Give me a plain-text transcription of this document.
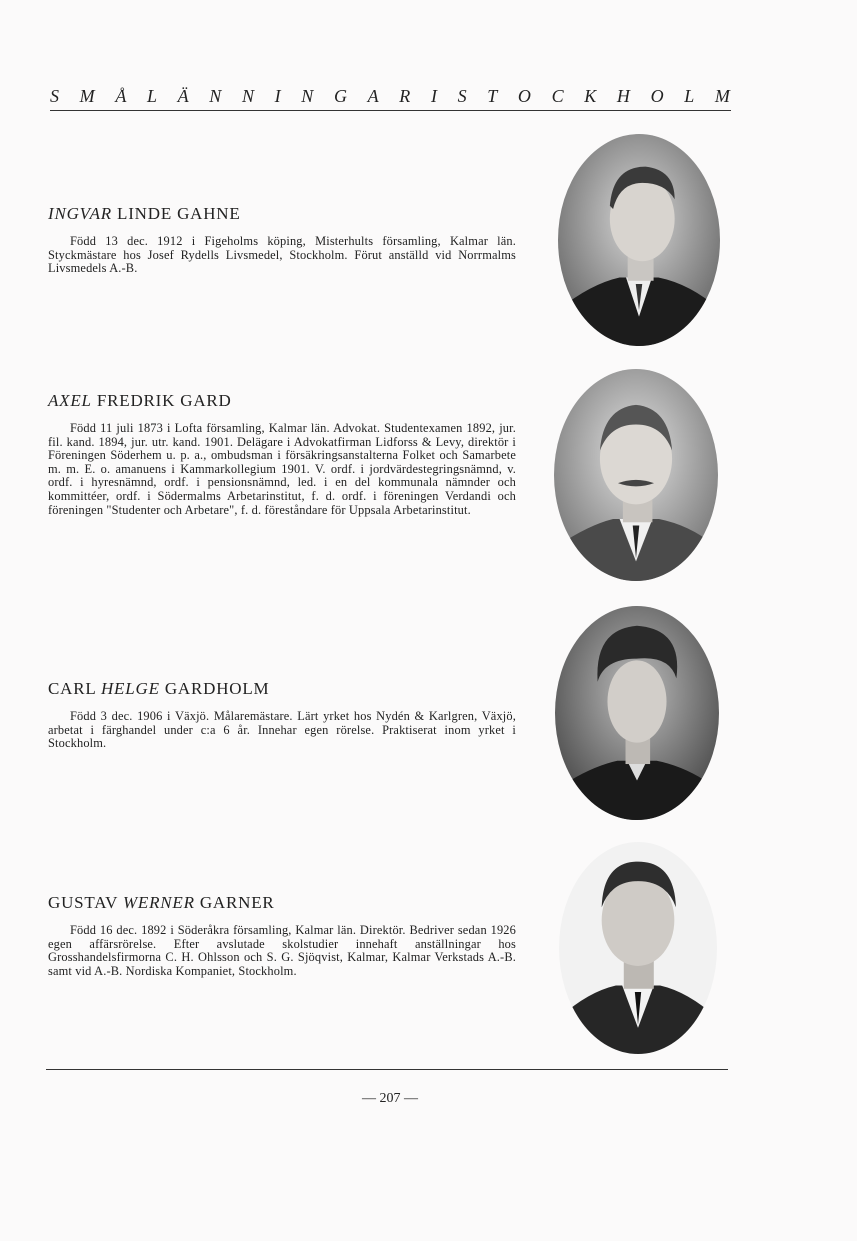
S M Å L Ä N N I N G A R I S T O C K H O L M
INGVAR LINDE GAHNE

Född 13 dec. 1912 i Figeholms köping, Misterhults församling, Kalmar län. Styckmästare hos Josef Rydells Livsmedel, Stockholm. Förut anställd vid Norrmalms Livsmedels A.-B.

AXEL FREDRIK GARD

Född 11 juli 1873 i Lofta församling, Kalmar län. Advokat. Studentexamen 1892, jur. fil. kand. 1894, jur. utr. kand. 1901. Delägare i Advokatfirman Lidforss & Levy, direktör i Föreningen Söderhem u. p. a., ombudsman i försäkringsanstalterna Folket och Samarbete m. m. E. o. amanuens i Kammarkollegium 1901. V. ordf. i jordvärdestegringsnämnd, v. ordf. i hyresnämnd, ordf. i pensionsnämnd, led. i en del kommunala nämnder och kommittéer, ordf. i Södermalms Arbetarinstitut, f. d. ordf. i föreningen Verdandi och föreningen "Studenter och Arbetare", f. d. föreståndare för Uppsala Arbetarinstitut.

CARL HELGE GARDHOLM

Född 3 dec. 1906 i Växjö. Målaremästare. Lärt yrket hos Nydén & Karlgren, Växjö, arbetat i färghandel under c:a 6 år. Innehar egen rörelse. Praktiserat inom yrket i Stockholm.

GUSTAV WERNER GARNER

Född 16 dec. 1892 i Söderåkra församling, Kalmar län. Direktör. Bedriver sedan 1926 egen affärsrörelse. Efter avslutade skolstudier innehaft anställningar hos Grosshandelsfirmorna C. H. Ohlsson och S. G. Sjöqvist, Kalmar, Kalmar Verkstads A.-B. samt vid A.-B. Nordiska Kompaniet, Stockholm.

— 207 —
